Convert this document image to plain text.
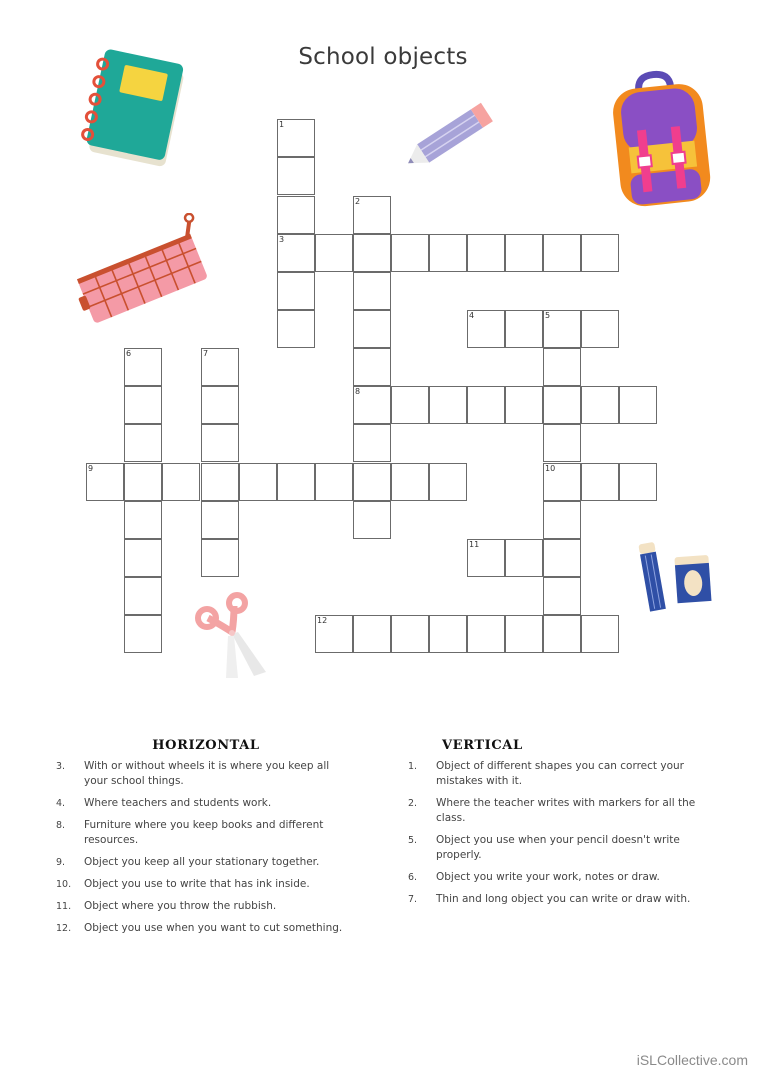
School objects
1
3
2
8
4	5
10
6	7
9
11
12
HORIZONTAL
3.	With or without wheels it is where you keep all your school things.
4.	Where teachers and students work.
8.	Furniture where you keep books and different resources.
9.	Object you keep all your stationary together.
10.	Object you use to write that has ink inside.
11.	Object where you throw the rubbish.
12.	Object you use when you want to cut something.
VERTICAL
1.	Object of different shapes you can correct your mistakes with it.
2.	Where the teacher writes with markers for all the class.
5.	Object you use when your pencil doesn't write properly.
6.	Object you write your work, notes or draw.
7.	Thin and long object you can write or draw with.
iSLCollective.com
